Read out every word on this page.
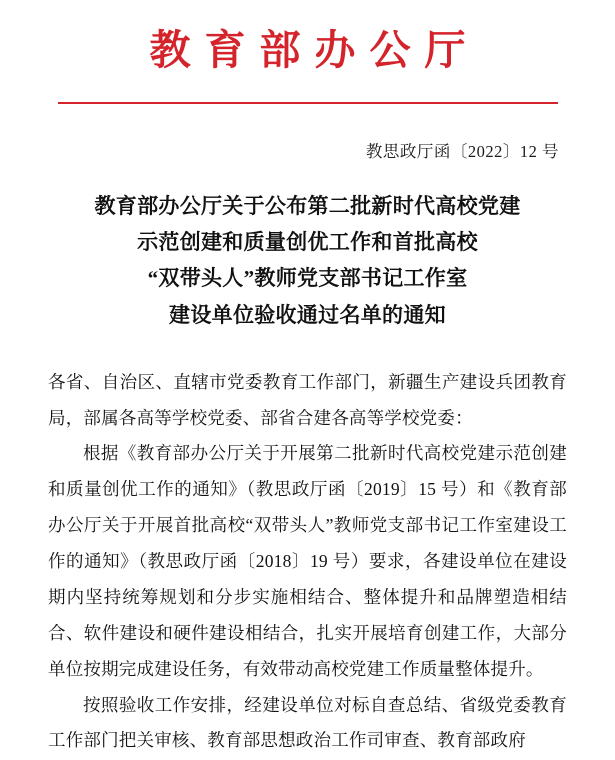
教育部办公厅
教思政厅函〔2022〕12 号
教育部办公厅关于公布第二批新时代高校党建
示范创建和质量创优工作和首批高校
“双带头人”教师党支部书记工作室
建设单位验收通过名单的通知

各省、自治区、直辖市党委教育工作部门，新疆生产建设兵团教育局，部属各高等学校党委、部省合建各高等学校党委：

根据《教育部办公厅关于开展第二批新时代高校党建示范创建和质量创优工作的通知》（教思政厅函〔2019〕15 号）和《教育部办公厅关于开展首批高校“双带头人”教师党支部书记工作室建设工作的通知》（教思政厅函〔2018〕19 号）要求，各建设单位在建设期内坚持统筹规划和分步实施相结合、整体提升和品牌塑造相结合、软件建设和硬件建设相结合，扎实开展培育创建工作，大部分单位按期完成建设任务，有效带动高校党建工作质量整体提升。

按照验收工作安排，经建设单位对标自查总结、省级党委教育工作部门把关审核、教育部思想政治工作司审查、教育部政府
